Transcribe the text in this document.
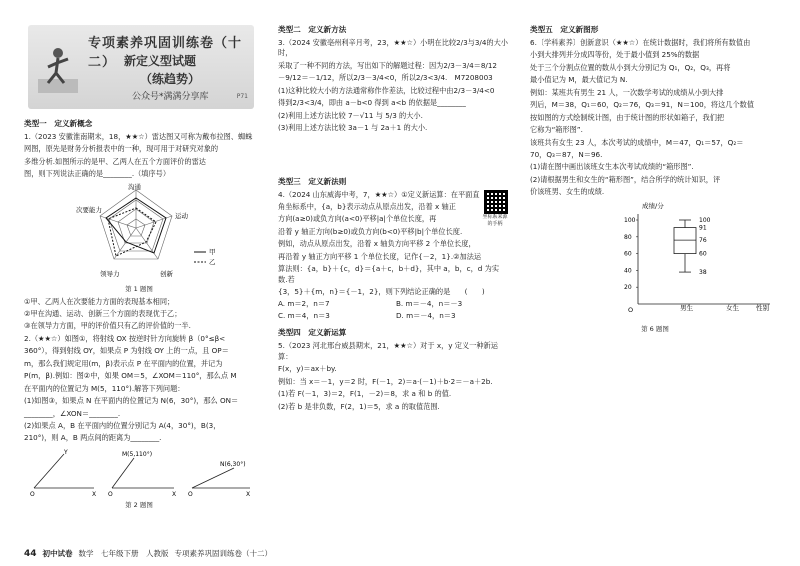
专项素养巩固训练卷（十二） 新定义型试题
（练趋势）
公众号*满满分享库	P71
类型一　定义新概念
1.（2023 安徽淮南期末，18，★★☆）雷达图又可称为戴布拉图、蜘蛛
网图，原先是财务分析报表中的一种，现可用于对研究对象的
多维分析.如图所示的是甲、乙两人在五个方面评价的雷达
图，则下列说法正确的是________.（填序号）
沟通
运动
创新
领导力
次要能力
甲
乙
第 1 题图
①甲、乙两人在次要能力方面的表现基本相同；
②甲在沟通、运动、创新三个方面的表现优于乙；
③在领导力方面，甲的评价值只有乙的评价值的一半.
2.（★★☆）如图①，将射线 OX 按逆时针方向旋转 β（0°≤β<
360°），得到射线 OY，如果点 P 为射线 OY 上的一点，且 OP＝
m，那么我们规定用(m，β)表示点 P 在平面内的位置，并记为
P(m，β).例如：图②中，如果 OM＝5，∠XOM＝110°，那么点 M
在平面内的位置记为 M(5，110°).解答下列问题：
(1)如图③，如果点 N 在平面内的位置记为 N(6，30°)，那么 ON＝
________，∠XON＝________.
(2)如果点 A，B 在平面内的位置分别记为 A(4，30°)，B(3，
210°)，则 A，B 两点间的距离为________.
O	X
Y	M(5,110°)
O	X
N(6,30°)
O	X
第 2 题图
类型二　定义新方法
3.（2024 安徽亳州利辛月考，23，★★☆）小明在比较2/3与3/4的大小时，
采取了一种不同的方法，写出如下的解题过程：因为2/3－3/4＝8/12
－9/12＝－1/12，所以2/3－3/4<0，所以2/3<3/4.　M7208003
(1)这种比较大小的方法通常称作作差法，比较过程中由2/3－3/4<0
得到2/3<3/4，即由 a－b<0 得到 a<b 的依据是________
(2)利用上述方法比较 7－√11 与 5/3 的大小.
(3)利用上述方法比较 3a－1 与 2a＋1 的大小.
类型三　定义新法则
坐标系来源的手柄
4.（2024 山东威海中考，7，★★☆）①定义新运算：在平面直
角坐标系中，{a，b}表示动点从原点出发，沿着 x 轴正
方向(a≥0)或负方向(a<0)平移|a|个单位长度，再
沿着 y 轴正方向(b≥0)或负方向(b<0)平移|b|个单位长度.
例如，动点从原点出发，沿着 x 轴负方向平移 2 个单位长度，
再沿着 y 轴正方向平移 1 个单位长度，记作{－2，1}.②加法运
算法则：{a，b}＋{c，d}＝{a＋c，b＋d}，其中 a，b，c，d 为实数.若
{3，5}＋{m，n}＝{－1，2}，则下列结论正确的是　　(　　)
A. m＝2，n＝7	B. m＝－4，n＝－3
C. m＝4，n＝3	D. m＝－4，n＝3
类型四　定义新运算
5.（2023 河北邢台威县期末，21，★★☆）对于 x，y 定义一种新运算：
F(x，y)＝ax＋by.
例如：当 x＝－1，y＝2 时，F(－1，2)＝a·(－1)＋b·2＝－a＋2b.
(1)若 F(－1，3)＝2，F(1，－2)＝8，求 a 和 b 的值.
(2)若 b 是非负数，F(2，1)＝5，求 a 的取值范围.
类型五　定义新图形
6.〔学科素养〕创新意识（★★☆）在统计数据时，我们将所有数值由
小到大排列并分成四等份，处于最小值到 25%的数据
处于三个分割点位置的数从小到大分别记为 Q₁，Q₂，Q₃，再将
最小值记为 M，最大值记为 N.
例如：某班共有男生 21 人，一次数学考试的成绩从小到大排
列后，M＝38，Q₁＝60，Q₂＝76，Q₃＝91，N＝100，将这几个数值
按如图的方式绘制统计图，由于统计图的形状如箱子，我们把
它称为“箱形图”.
该班共有女生 23 人，本次考试的成绩中，M＝47，Q₁＝57，Q₂＝
70，Q₃＝87，N＝96.
(1)请在图中画出该班女生本次考试成绩的“箱形图”.
(2)请根据男生和女生的“箱形图”，结合所学的统计知识，评
价该班男、女生的成绩.
成绩/分
O
100
80
60
40
20
100
91
76
60
38
男生	女生	性别
第 6 题图
44 初中试卷 数学　七年级下册　人教版 专项素养巩固训练卷（十二）
